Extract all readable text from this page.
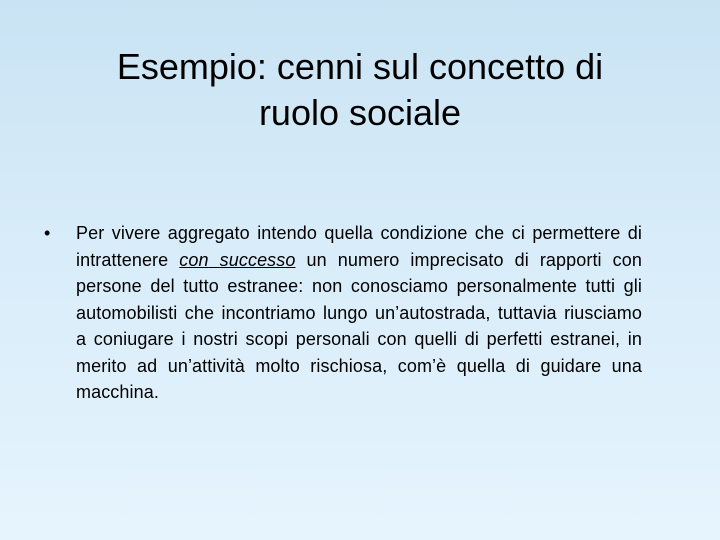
Esempio: cenni sul concetto di
ruolo sociale
•	Per vivere aggregato intendo quella condizione che ci permettere di intrattenere con successo un numero imprecisato di rapporti con persone del tutto estranee: non conosciamo personalmente tutti gli automobilisti che incontriamo lungo un’autostrada, tuttavia riusciamo a coniugare i nostri scopi personali con quelli di perfetti estranei, in merito ad un’attività molto rischiosa, com’è quella di guidare una macchina.
